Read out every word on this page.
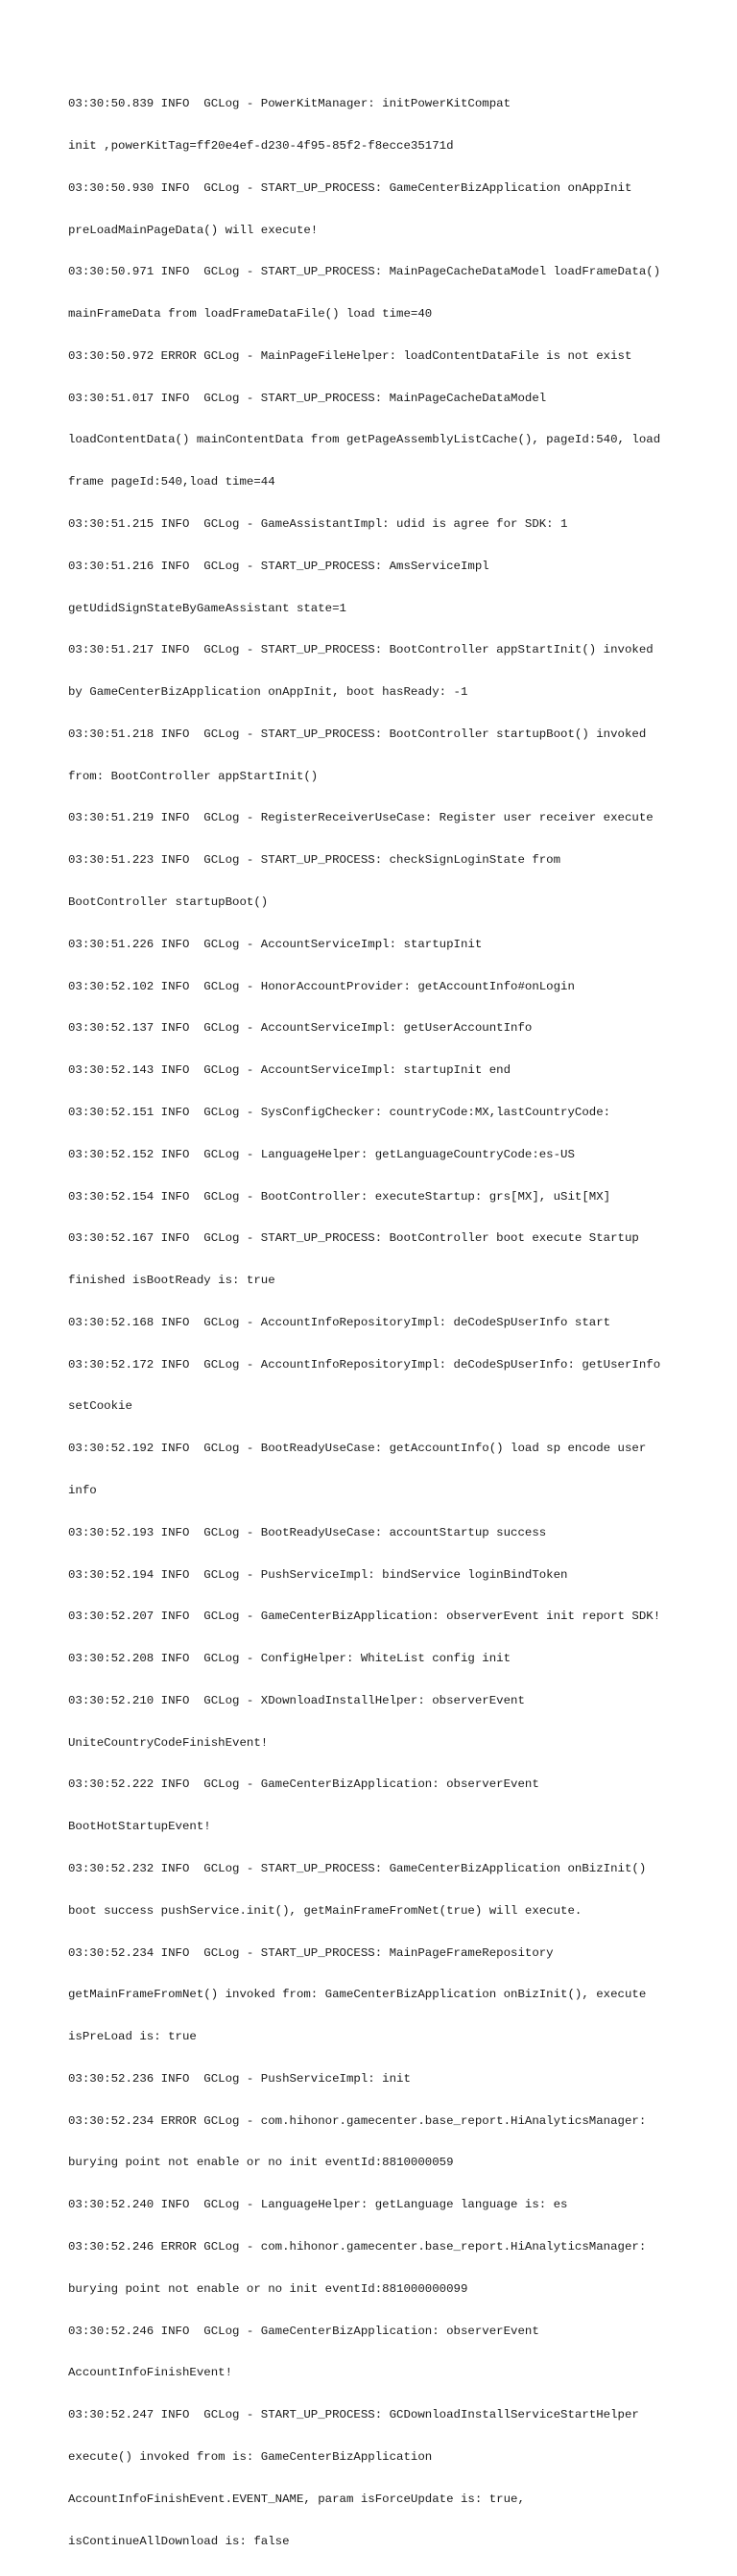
03:30:50.839 INFO  GCLog - PowerKitManager: initPowerKitCompat

init ,powerKitTag=ff20e4ef-d230-4f95-85f2-f8ecce35171d

03:30:50.930 INFO  GCLog - START_UP_PROCESS: GameCenterBizApplication onAppInit

preLoadMainPageData() will execute!

03:30:50.971 INFO  GCLog - START_UP_PROCESS: MainPageCacheDataModel loadFrameData()

mainFrameData from loadFrameDataFile() load time=40

03:30:50.972 ERROR GCLog - MainPageFileHelper: loadContentDataFile is not exist

03:30:51.017 INFO  GCLog - START_UP_PROCESS: MainPageCacheDataModel

loadContentData() mainContentData from getPageAssemblyListCache(), pageId:540, load

frame pageId:540,load time=44

03:30:51.215 INFO  GCLog - GameAssistantImpl: udid is agree for SDK: 1

03:30:51.216 INFO  GCLog - START_UP_PROCESS: AmsServiceImpl

getUdidSignStateByGameAssistant state=1

03:30:51.217 INFO  GCLog - START_UP_PROCESS: BootController appStartInit() invoked

by GameCenterBizApplication onAppInit, boot hasReady: -1

03:30:51.218 INFO  GCLog - START_UP_PROCESS: BootController startupBoot() invoked

from: BootController appStartInit()

03:30:51.219 INFO  GCLog - RegisterReceiverUseCase: Register user receiver execute

03:30:51.223 INFO  GCLog - START_UP_PROCESS: checkSignLoginState from

BootController startupBoot()

03:30:51.226 INFO  GCLog - AccountServiceImpl: startupInit

03:30:52.102 INFO  GCLog - HonorAccountProvider: getAccountInfo#onLogin

03:30:52.137 INFO  GCLog - AccountServiceImpl: getUserAccountInfo

03:30:52.143 INFO  GCLog - AccountServiceImpl: startupInit end

03:30:52.151 INFO  GCLog - SysConfigChecker: countryCode:MX,lastCountryCode:

03:30:52.152 INFO  GCLog - LanguageHelper: getLanguageCountryCode:es-US

03:30:52.154 INFO  GCLog - BootController: executeStartup: grs[MX], uSit[MX]

03:30:52.167 INFO  GCLog - START_UP_PROCESS: BootController boot execute Startup

finished isBootReady is: true

03:30:52.168 INFO  GCLog - AccountInfoRepositoryImpl: deCodeSpUserInfo start

03:30:52.172 INFO  GCLog - AccountInfoRepositoryImpl: deCodeSpUserInfo: getUserInfo

setCookie

03:30:52.192 INFO  GCLog - BootReadyUseCase: getAccountInfo() load sp encode user

info

03:30:52.193 INFO  GCLog - BootReadyUseCase: accountStartup success

03:30:52.194 INFO  GCLog - PushServiceImpl: bindService loginBindToken

03:30:52.207 INFO  GCLog - GameCenterBizApplication: observerEvent init report SDK!

03:30:52.208 INFO  GCLog - ConfigHelper: WhiteList config init

03:30:52.210 INFO  GCLog - XDownloadInstallHelper: observerEvent

UniteCountryCodeFinishEvent!

03:30:52.222 INFO  GCLog - GameCenterBizApplication: observerEvent

BootHotStartupEvent!

03:30:52.232 INFO  GCLog - START_UP_PROCESS: GameCenterBizApplication onBizInit()

boot success pushService.init(), getMainFrameFromNet(true) will execute.

03:30:52.234 INFO  GCLog - START_UP_PROCESS: MainPageFrameRepository

getMainFrameFromNet() invoked from: GameCenterBizApplication onBizInit(), execute

isPreLoad is: true

03:30:52.236 INFO  GCLog - PushServiceImpl: init

03:30:52.234 ERROR GCLog - com.hihonor.gamecenter.base_report.HiAnalyticsManager:

burying point not enable or no init eventId:8810000059

03:30:52.240 INFO  GCLog - LanguageHelper: getLanguage language is: es

03:30:52.246 ERROR GCLog - com.hihonor.gamecenter.base_report.HiAnalyticsManager:

burying point not enable or no init eventId:881000000099

03:30:52.246 INFO  GCLog - GameCenterBizApplication: observerEvent

AccountInfoFinishEvent!

03:30:52.247 INFO  GCLog - START_UP_PROCESS: GCDownloadInstallServiceStartHelper

execute() invoked from is: GameCenterBizApplication

AccountInfoFinishEvent.EVENT_NAME, param isForceUpdate is: true,

isContinueAllDownload is: false
